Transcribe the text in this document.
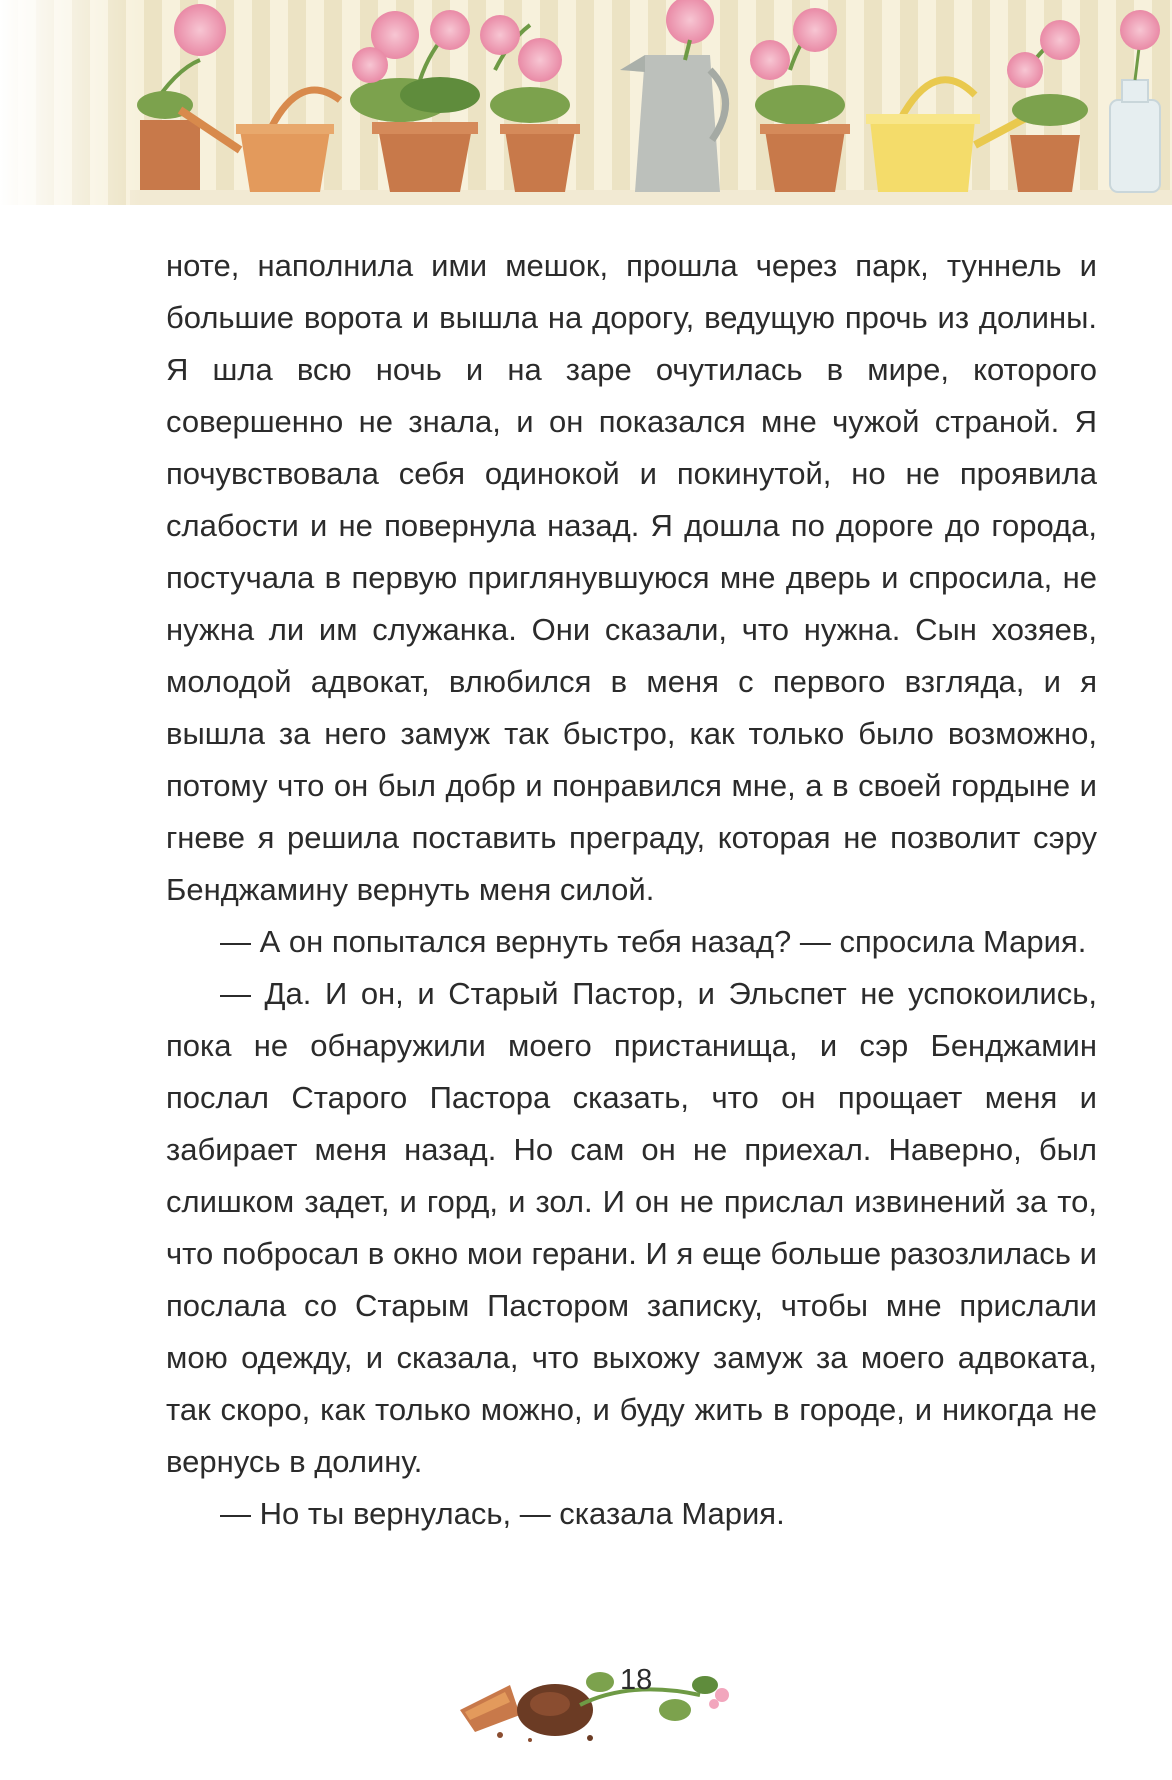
ноте, наполнила ими мешок, прошла через парк, туннель и большие ворота и вышла на дорогу, ведущую прочь из долины. Я шла всю ночь и на заре очутилась в мире, которого совершенно не знала, и он показался мне чужой страной. Я почувствовала себя одинокой и покинутой, но не проявила слабости и не повернула назад. Я дошла по дороге до города, постучала в первую приглянувшуюся мне дверь и спросила, не нужна ли им служанка. Они сказали, что нужна. Сын хозяев, молодой адвокат, влюбился в меня с первого взгляда, и я вышла за него замуж так быстро, как только было возможно, потому что он был добр и понравился мне, а в своей гордыне и гневе я решила поставить преграду, которая не позволит сэру Бенджамину вернуть меня силой.

— А он попытался вернуть тебя назад? — спросила Мария.

— Да. И он, и Старый Пастор, и Эльспет не успокоились, пока не обнаружили моего пристанища, и сэр Бенджамин послал Старого Пастора сказать, что он прощает меня и забирает меня назад. Но сам он не приехал. Наверно, был слишком задет, и горд, и зол. И он не прислал извинений за то, что побросал в окно мои герани. И я еще больше разозлилась и послала со Старым Пастором записку, чтобы мне прислали мою одежду, и сказала, что выхожу замуж за моего адвоката, так скоро, как только можно, и буду жить в городе, и никогда не вернусь в долину.

— Но ты вернулась, — сказала Мария.

18
